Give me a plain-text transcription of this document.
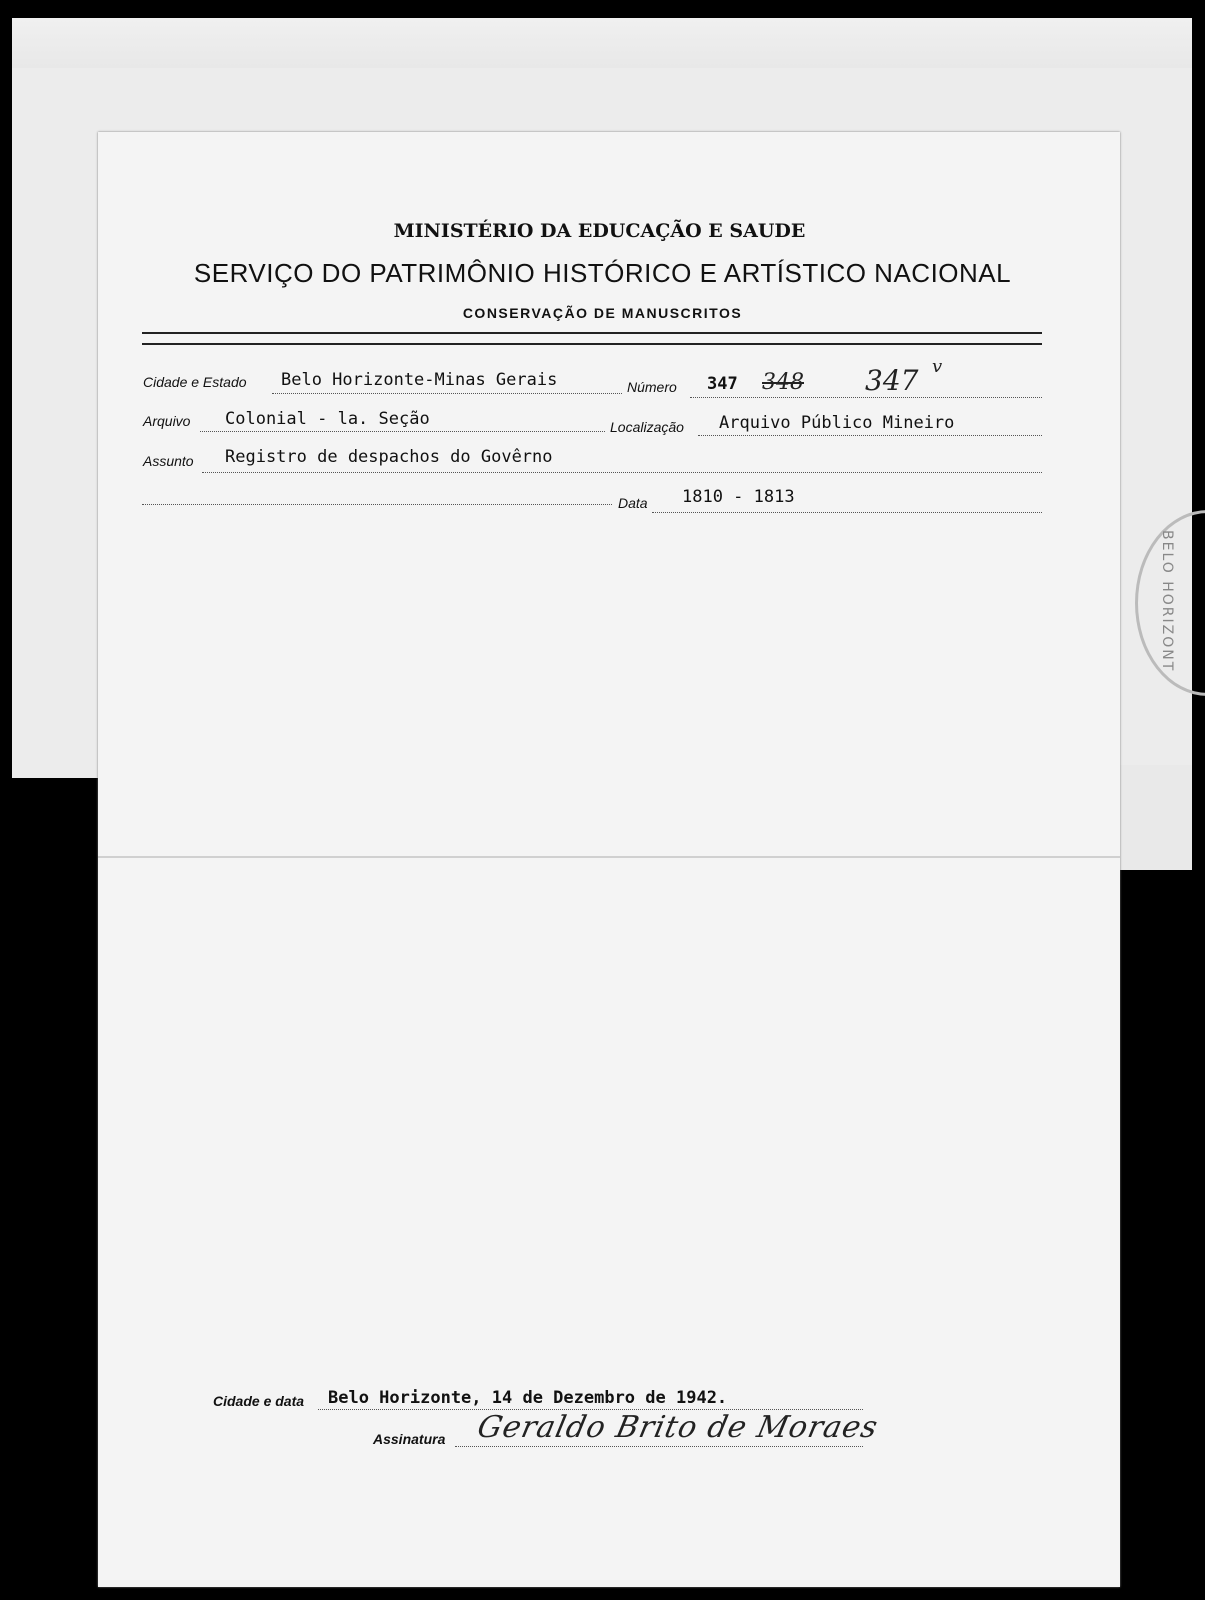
BELO HORIZONT
MINISTÉRIO DA EDUCAÇÃO E SAUDE
SERVIÇO DO PATRIMÔNIO HISTÓRICO E ARTÍSTICO NACIONAL
CONSERVAÇÃO DE MANUSCRITOS
Cidade e Estado Belo Horizonte-Minas Gerais	Número 347 348 347 v
Arquivo Colonial - la. Seção	Localização Arquivo Público Mineiro
Assunto Registro de despachos do Govêrno
Data 1810 - 1813
Cidade e data Belo Horizonte, 14 de Dezembro de 1942.
Assinatura Geraldo Brito de Moraes
